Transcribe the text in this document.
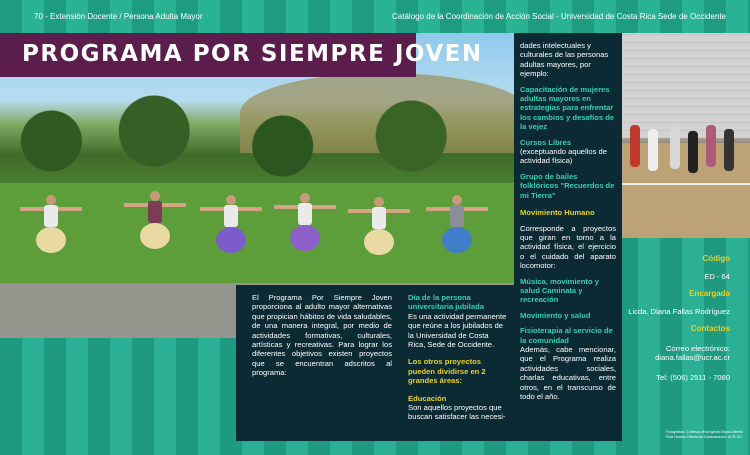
70 - Extensión Docente / Persona Adulta Mayor	Catálogo de la Coordinación de Acción Social - Universidad de Costa Rica Sede de Occidente
PROGRAMA POR SIEMPRE JOVEN	dades intelectuales y culturales de las personas adultas mayores, por ejemplo:

Capacitación de mujeres adultas mayores en estrategias para enfrentar los cambios y desafíos de la vejez
Cursos Libres

(exceptuando aquellos de actividad física)

Grupo de bailes folklóricos "Recuerdos de mi Tierra"
Movimiento Humano

Corresponde a proyectos que giran en torno a la actividad física, el ejercicio o el cuidado del aparato locomotor:

Música, movimiento y salud Caminata y recreación
Movimiento y salud
Fisioterapia al servicio de la comunidad

Además, cabe mencionar, que el Programa realiza actividades sociales, charlas educativas, entre otros, en el transcurso de todo el año.

El Programa Por Siempre Joven proporciona al adulto mayor alternativas que propician hábitos de vida saludables, de una manera integral, por medio de actividades formativas, culturales, artísticas y recreativas. Para lograr los diferentes objetivos existen proyectos que se encuentran adscritos al programa:

Día de la persona universitaria jubilada

Es una actividad permanente que reúne a los jubilados de la Universidad de Costa Rica, Sede de Occidente.

Los otros proyectos pueden dividirse en 2 grandes áreas:
Educación

Son aquellos proyectos que buscan satisfacer las necesi-

Código
ED - 64
Encargada
Licda. Diana Fallas Rodríguez
Contactos
Correo electrónico:
diana.fallas@ucr.ac.cr
Tel: (506) 2511 - 7080
Fotografías: Cortesía del proyecto Bryan Alberto Ruiz Hornes Oficina de Comunicación UCR-SO
